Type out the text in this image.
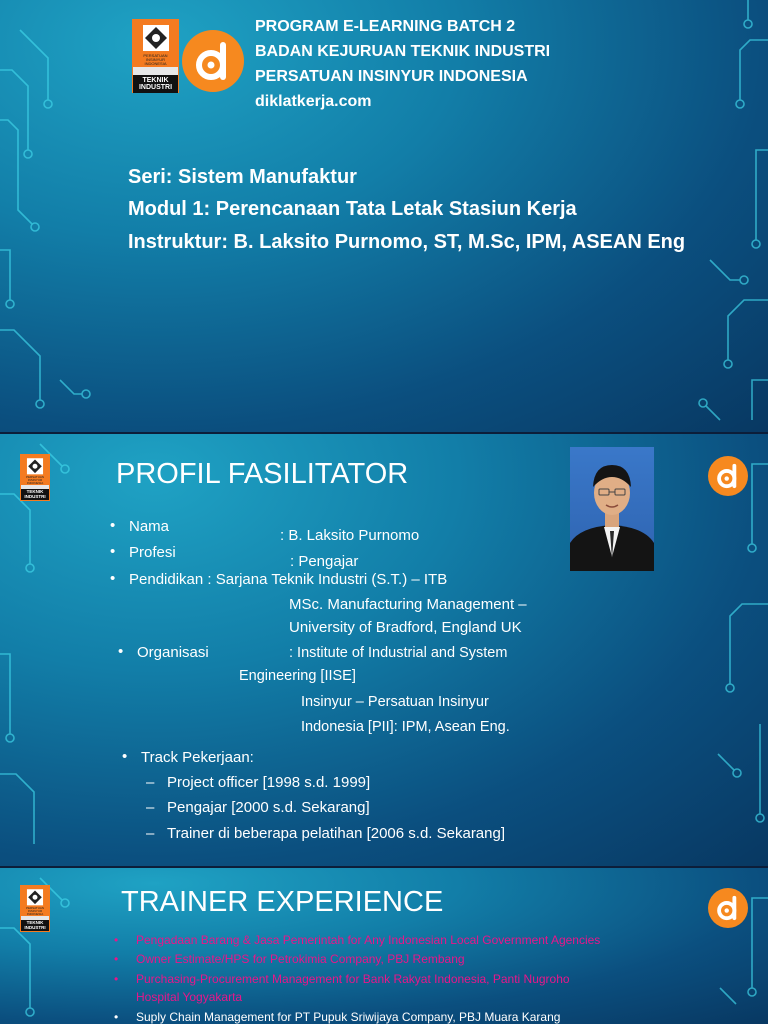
PERSATUAN
INSINYUR
INDONESIA
TEKNIK
INDUSTRI
PROGRAM E-LEARNING BATCH 2
BADAN KEJURUAN TEKNIK INDUSTRI
PERSATUAN INSINYUR INDONESIA
diklatkerja.com
Seri: Sistem Manufaktur
Modul 1: Perencanaan Tata Letak Stasiun Kerja
Instruktur: B. Laksito Purnomo, ST, M.Sc, IPM, ASEAN Eng
PERSATUAN
INSINYUR
INDONESIA
TEKNIK
INDUSTRI
PROFIL FASILITATOR
• Nama
: B. Laksito Purnomo
• Profesi
: Pengajar
• Pendidikan : Sarjana Teknik Industri (S.T.) – ITB
MSc. Manufacturing Management –
University of Bradford, England UK
• Organisasi	: Institute of Industrial and System
Engineering [IISE]
Insinyur – Persatuan Insinyur
Indonesia [PII]: IPM, Asean Eng.
• Track Pekerjaan:
– Project officer [1998 s.d. 1999]
– Pengajar [2000 s.d. Sekarang]
– Trainer di beberapa pelatihan [2006 s.d. Sekarang]
PERSATUAN
INSINYUR
INDONESIA
TEKNIK
INDUSTRI
TRAINER EXPERIENCE
• Pengadaan Barang & Jasa Pemerintah for Any Indonesian Local Government Agencies
• Owner Estimate/HPS for Petrokimia Company, PBJ Rembang
• Purchasing-Procurement Management for Bank Rakyat Indonesia, Panti Nugroho
Hospital Yogyakarta
• Suply Chain Management for PT Pupuk Sriwijaya Company, PBJ Muara Karang
